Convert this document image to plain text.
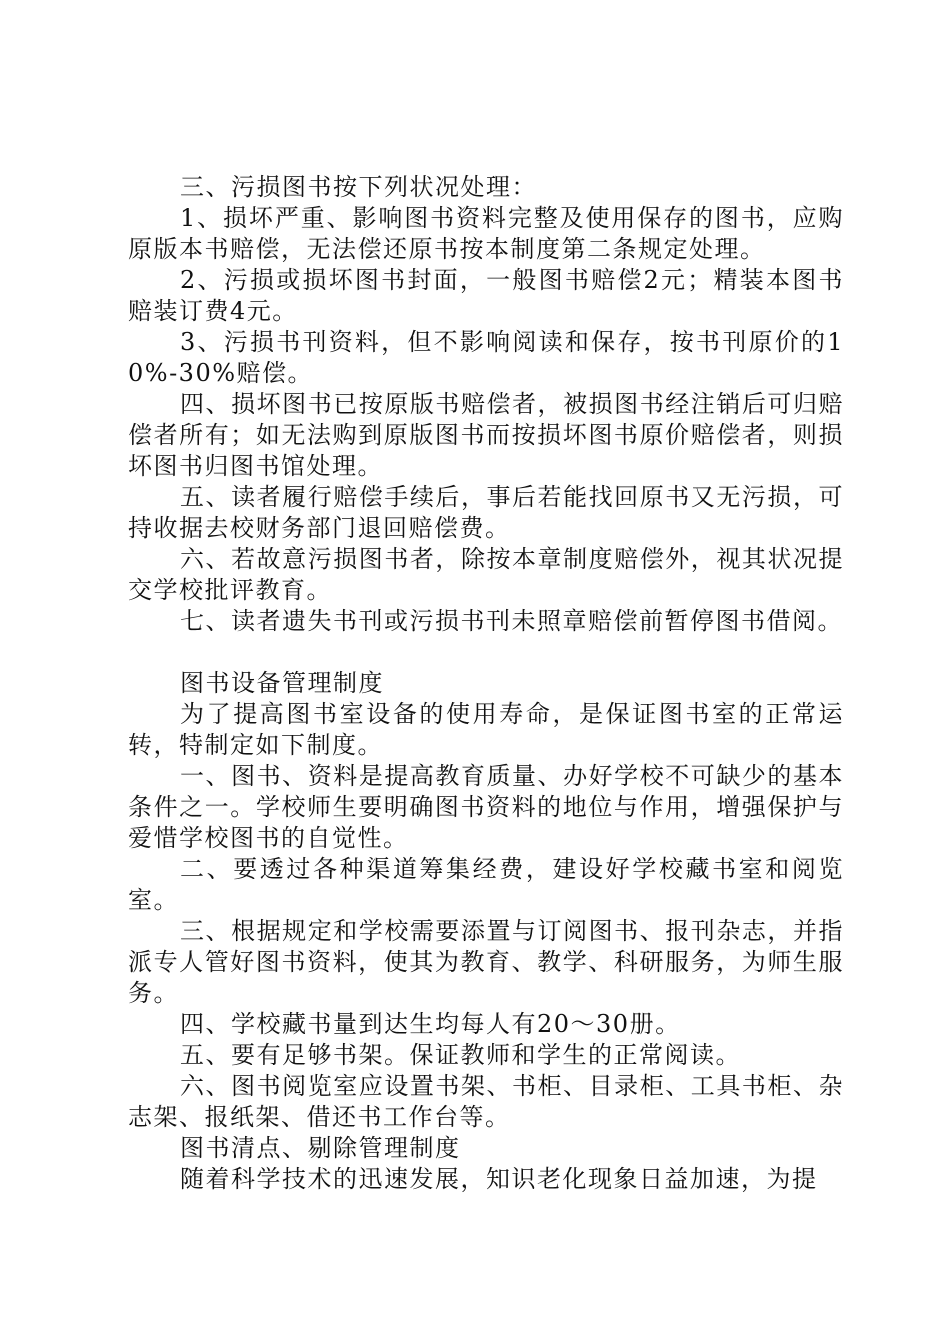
三、污损图书按下列状况处理：

1、损坏严重、影响图书资料完整及使用保存的图书，应购原版本书赔偿，无法偿还原书按本制度第二条规定处理。

2、污损或损坏图书封面，一般图书赔偿2元；精装本图书赔装订费4元。

3、污损书刊资料，但不影响阅读和保存，按书刊原价的10%-30%赔偿。

四、损坏图书已按原版书赔偿者，被损图书经注销后可归赔偿者所有；如无法购到原版图书而按损坏图书原价赔偿者，则损坏图书归图书馆处理。

五、读者履行赔偿手续后，事后若能找回原书又无污损，可持收据去校财务部门退回赔偿费。

六、若故意污损图书者，除按本章制度赔偿外，视其状况提交学校批评教育。

七、读者遗失书刊或污损书刊未照章赔偿前暂停图书借阅。

图书设备管理制度

为了提高图书室设备的使用寿命，是保证图书室的正常运转，特制定如下制度。

一、图书、资料是提高教育质量、办好学校不可缺少的基本条件之一。学校师生要明确图书资料的地位与作用，增强保护与爱惜学校图书的自觉性。

二、要透过各种渠道筹集经费，建设好学校藏书室和阅览室。

三、根据规定和学校需要添置与订阅图书、报刊杂志，并指派专人管好图书资料，使其为教育、教学、科研服务，为师生服务。

四、学校藏书量到达生均每人有20～30册。

五、要有足够书架。保证教师和学生的正常阅读。

六、图书阅览室应设置书架、书柜、目录柜、工具书柜、杂志架、报纸架、借还书工作台等。

图书清点、剔除管理制度

随着科学技术的迅速发展，知识老化现象日益加速，为提
